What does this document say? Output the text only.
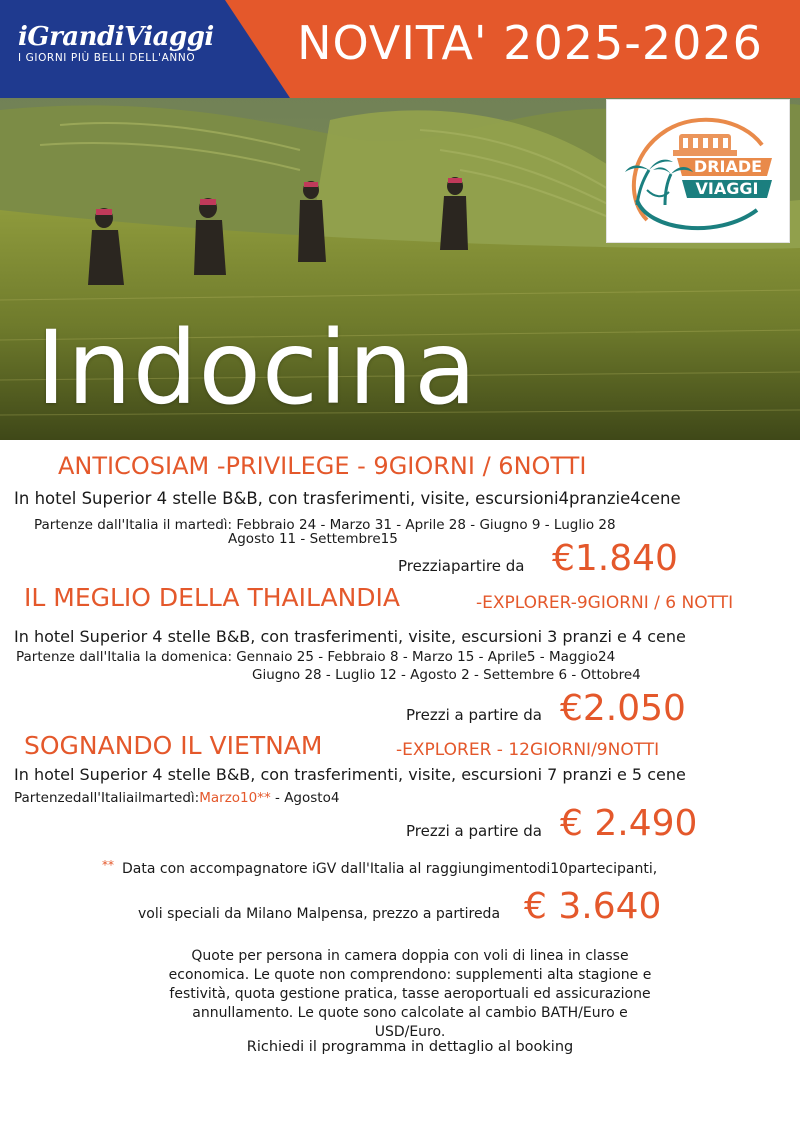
iGrandiViaggi
I GIORNI PIÙ BELLI DELL'ANNO	NOVITA' 2025-2026
DRIADE
VIAGGI
Indocina
ANTICOSIAM -PRIVILEGE - 9GIORNI / 6NOTTI
In hotel Superior 4 stelle B&B, con trasferimenti, visite, escursioni4pranzie4cene
Partenze dall'Italia il martedì: Febbraio 24 - Marzo 31 - Aprile 28 - Giugno 9 - Luglio 28
Agosto 11 - Settembre15
Prezziapartire da €1.840
IL MEGLIO DELLA THAILANDIA	-EXPLORER-9GIORNI / 6 NOTTI
In hotel Superior 4 stelle B&B, con trasferimenti, visite, escursioni 3 pranzi e 4 cene
Partenze dall'Italia la domenica: Gennaio 25 - Febbraio 8 - Marzo 15 - Aprile5 - Maggio24
Giugno 28 - Luglio 12 - Agosto 2 - Settembre 6 - Ottobre4
Prezzi a partire da €2.050
SOGNANDO IL VIETNAM	-EXPLORER - 12GIORNI/9NOTTI
In hotel Superior 4 stelle B&B, con trasferimenti, visite, escursioni 7 pranzi e 5 cene
Partenzedall'Italiailmartedì:Marzo10** - Agosto4
Prezzi a partire da € 2.490
** Data con accompagnatore iGV dall'Italia al raggiungimentodi10partecipanti,
voli speciali da Milano Malpensa, prezzo a partireda € 3.640
Quote per persona in camera doppia con voli di linea in classe
economica. Le quote non comprendono: supplementi alta stagione e
festività, quota gestione pratica, tasse aeroportuali ed assicurazione
annullamento. Le quote sono calcolate al cambio BATH/Euro e
USD/Euro.
Richiedi il programma in dettaglio al booking
